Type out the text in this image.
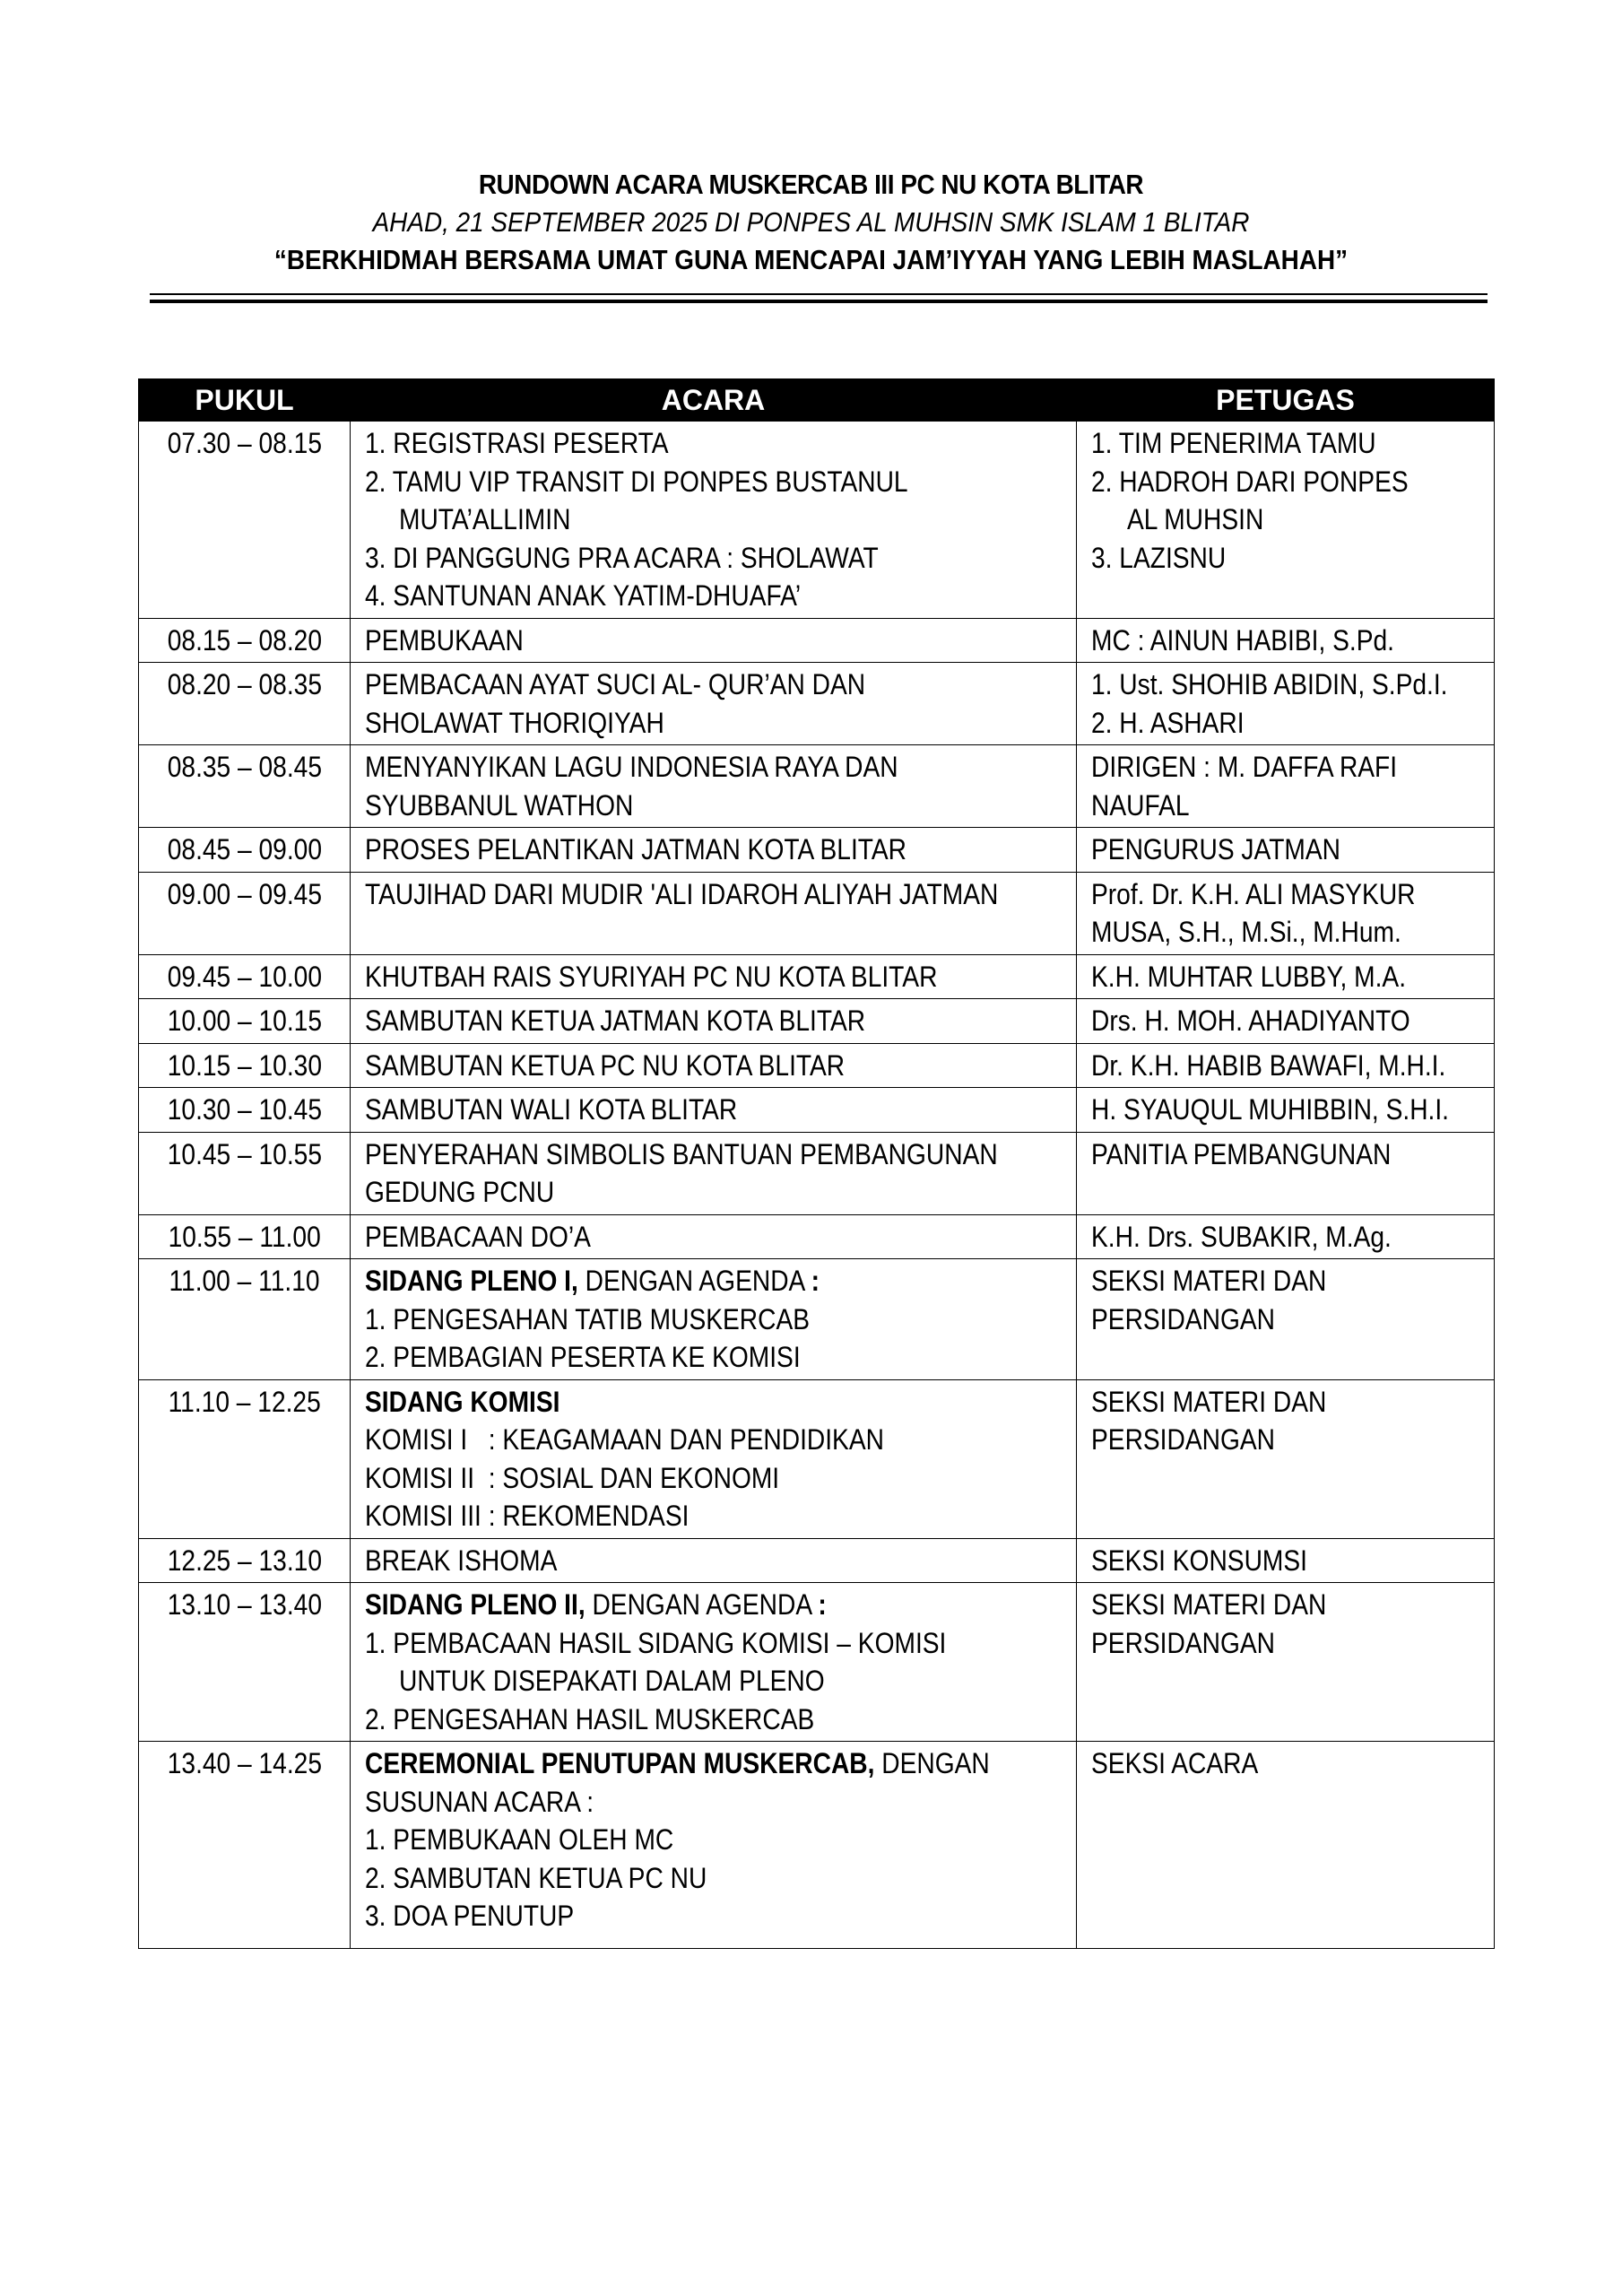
RUNDOWN ACARA MUSKERCAB III PC NU KOTA BLITAR
AHAD, 21 SEPTEMBER 2025 DI PONPES AL MUHSIN SMK ISLAM 1 BLITAR
“BERKHIDMAH BERSAMA UMAT GUNA MENCAPAI JAM’IYYAH YANG LEBIH MASLAHAH”
PUKUL	ACARA	PETUGAS
07.30 – 08.15	1. REGISTRASI PESERTA
2. TAMU VIP TRANSIT DI PONPES BUSTANUL
MUTA’ALLIMIN
3. DI PANGGUNG PRA ACARA : SHOLAWAT
4. SANTUNAN ANAK YATIM-DHUAFA’	1. TIM PENERIMA TAMU
2. HADROH DARI PONPES
AL MUHSIN
3. LAZISNU

08.15 – 08.20	PEMBUKAAN	MC : AINUN HABIBI, S.Pd.

08.20 – 08.35	PEMBACAAN AYAT SUCI AL- QUR’AN DAN
SHOLAWAT THORIQIYAH	1. Ust. SHOHIB ABIDIN, S.Pd.I.
2. H. ASHARI

08.35 – 08.45	MENYANYIKAN LAGU INDONESIA RAYA DAN
SYUBBANUL WATHON	DIRIGEN : M. DAFFA RAFI
NAUFAL

08.45 – 09.00	PROSES PELANTIKAN JATMAN KOTA BLITAR	PENGURUS JATMAN

09.00 – 09.45	TAUJIHAD DARI MUDIR 'ALI IDAROH ALIYAH JATMAN	Prof. Dr. K.H. ALI MASYKUR
MUSA, S.H., M.Si., M.Hum.

09.45 – 10.00	KHUTBAH RAIS SYURIYAH PC NU KOTA BLITAR	K.H. MUHTAR LUBBY, M.A.

10.00 – 10.15	SAMBUTAN KETUA JATMAN KOTA BLITAR	Drs. H. MOH. AHADIYANTO

10.15 – 10.30	SAMBUTAN KETUA PC NU KOTA BLITAR	Dr. K.H. HABIB BAWAFI, M.H.I.

10.30 – 10.45	SAMBUTAN WALI KOTA BLITAR	H. SYAUQUL MUHIBBIN, S.H.I.

10.45 – 10.55	PENYERAHAN SIMBOLIS BANTUAN PEMBANGUNAN
GEDUNG PCNU	PANITIA PEMBANGUNAN

10.55 – 11.00	PEMBACAAN DO’A	K.H. Drs. SUBAKIR, M.Ag.

11.00 – 11.10	SIDANG PLENO I, DENGAN AGENDA :
1. PENGESAHAN TATIB MUSKERCAB
2. PEMBAGIAN PESERTA KE KOMISI	SEKSI MATERI DAN
PERSIDANGAN

11.10 – 12.25	SIDANG KOMISI
KOMISI I   : KEAGAMAAN DAN PENDIDIKAN
KOMISI II  : SOSIAL DAN EKONOMI
KOMISI III : REKOMENDASI	SEKSI MATERI DAN
PERSIDANGAN

12.25 – 13.10	BREAK ISHOMA	SEKSI KONSUMSI

13.10 – 13.40	SIDANG PLENO II, DENGAN AGENDA :
1. PEMBACAAN HASIL SIDANG KOMISI – KOMISI
UNTUK DISEPAKATI DALAM PLENO
2. PENGESAHAN HASIL MUSKERCAB	SEKSI MATERI DAN
PERSIDANGAN

13.40 – 14.25	CEREMONIAL PENUTUPAN MUSKERCAB, DENGAN
SUSUNAN ACARA :
1. PEMBUKAAN OLEH MC
2. SAMBUTAN KETUA PC NU
3. DOA PENUTUP	SEKSI ACARA
